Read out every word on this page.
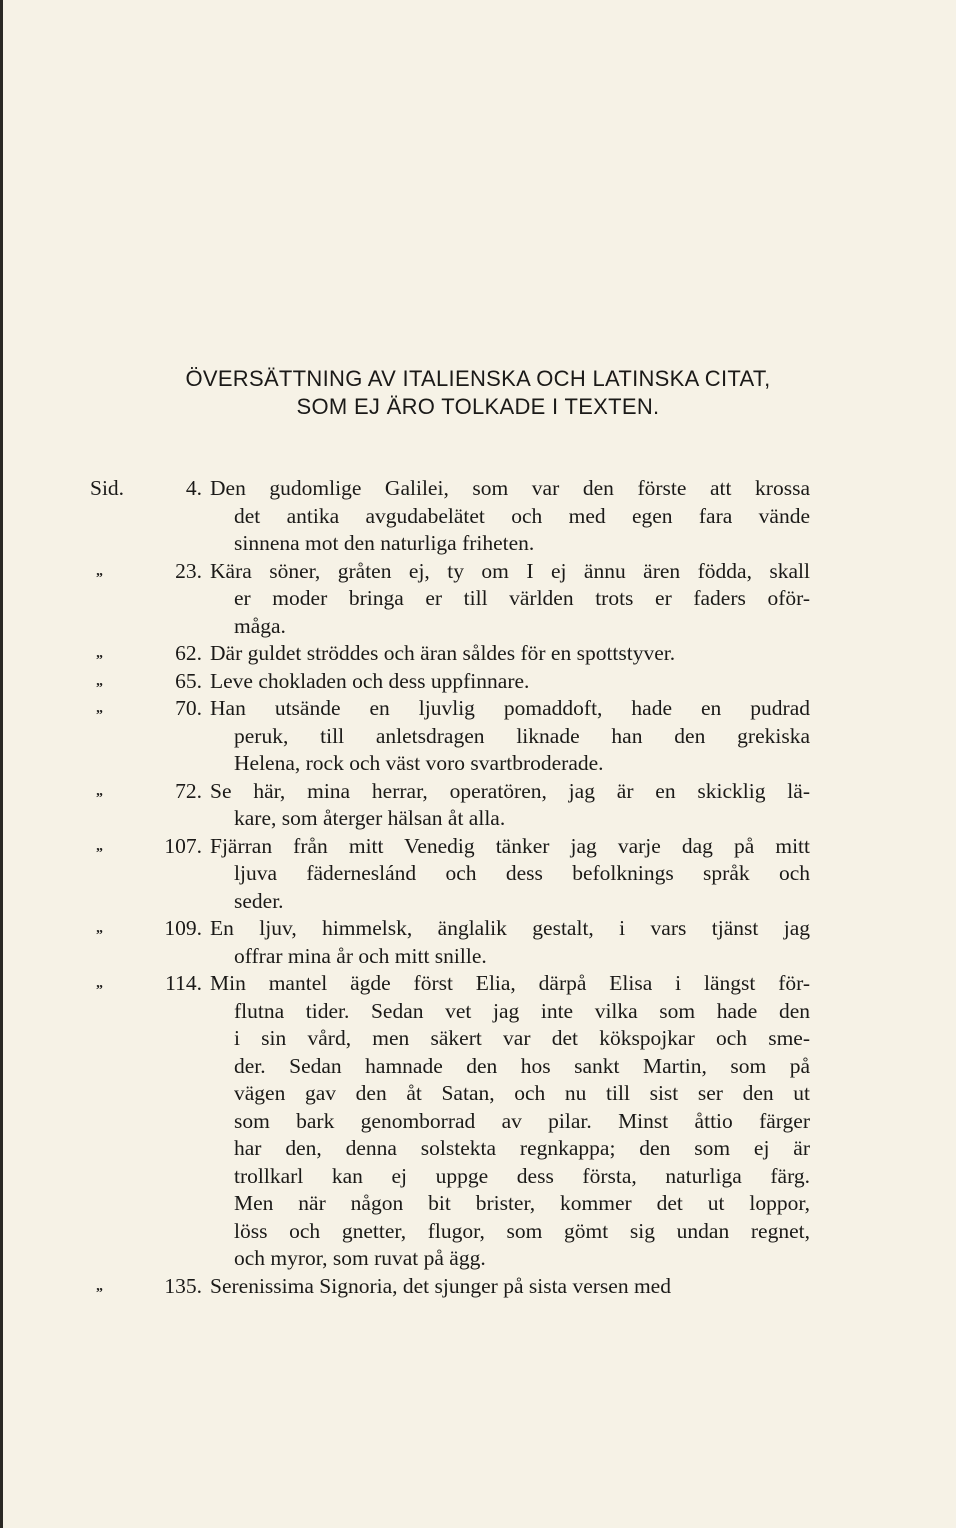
ÖVERSÄTTNING AV ITALIENSKA OCH LATINSKA CITAT,
SOM EJ ÄRO TOLKADE I TEXTEN.
Sid.	4. Den gudomlige Galilei, som var den förste att krossa
det antika avgudabelätet och med egen fara vände
sinnena mot den naturliga friheten.
„	23. Kära söner, gråten ej, ty om I ej ännu ären födda, skall
er moder bringa er till världen trots er faders oför-
måga.
„	62. Där guldet ströddes och äran såldes för en spottstyver.
„	65. Leve chokladen och dess uppfinnare.
„	70. Han utsände en ljuvlig pomaddoft, hade en pudrad
peruk, till anletsdragen liknade han den grekiska
Helena, rock och väst voro svartbroderade.
„	72. Se här, mina herrar, operatören, jag är en skicklig lä-
kare, som återger hälsan åt alla.
„	107. Fjärran från mitt Venedig tänker jag varje dag på mitt
ljuva fäderneslánd och dess befolknings språk och
seder.
„	109. En ljuv, himmelsk, änglalik gestalt, i vars tjänst jag
offrar mina år och mitt snille.
„	114. Min mantel ägde först Elia, därpå Elisa i längst för-
flutna tider. Sedan vet jag inte vilka som hade den
i sin vård, men säkert var det kökspojkar och sme-
der. Sedan hamnade den hos sankt Martin, som på
vägen gav den åt Satan, och nu till sist ser den ut
som bark genomborrad av pilar. Minst åttio färger
har den, denna solstekta regnkappa; den som ej är
trollkarl kan ej uppge dess första, naturliga färg.
Men när någon bit brister, kommer det ut loppor,
löss och gnetter, flugor, som gömt sig undan regnet,
och myror, som ruvat på ägg.
„	135. Serenissima Signoria, det sjunger på sista versen med
